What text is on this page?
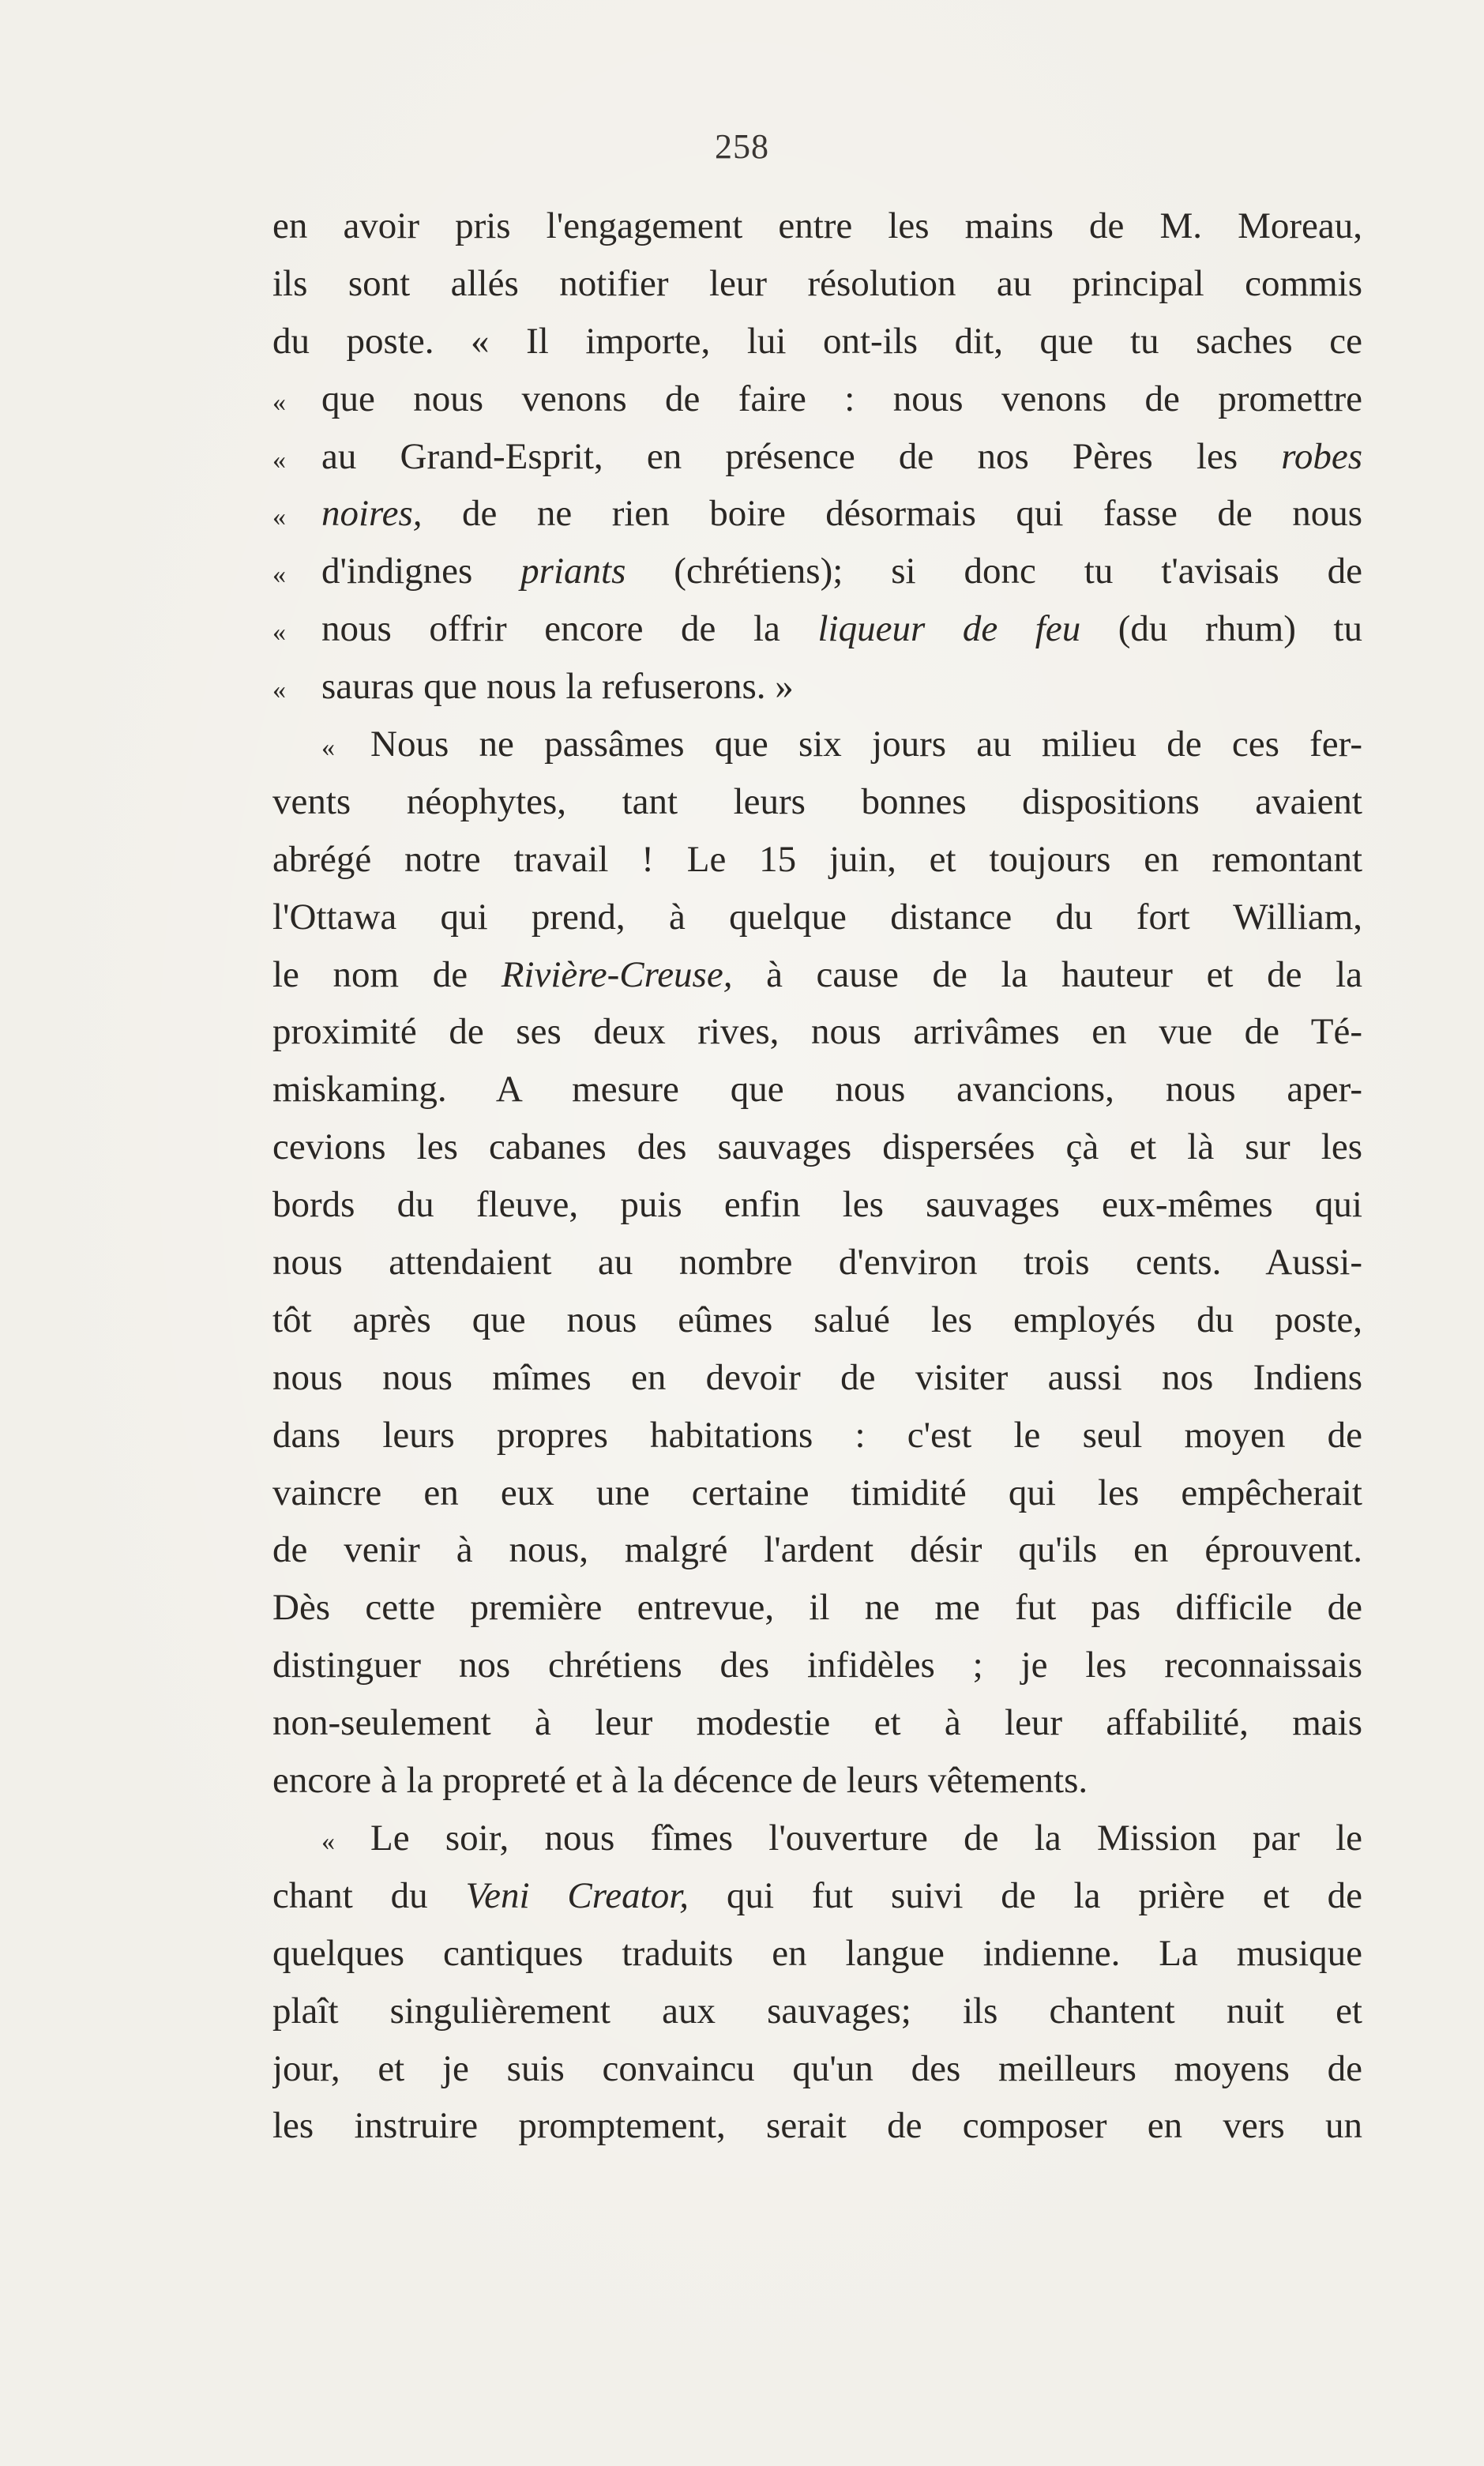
258
en avoir pris l'engagement entre les mains de M. Moreau,
ils sont allés notifier leur résolution au principal commis
du poste. « Il importe, lui ont-ils dit, que tu saches ce
« que nous venons de faire : nous venons de promettre
« au Grand-Esprit, en présence de nos Pères les robes
« noires, de ne rien boire désormais qui fasse de nous
« d'indignes priants (chrétiens); si donc tu t'avisais de
« nous offrir encore de la liqueur de feu (du rhum) tu
« sauras que nous la refuserons. »
« Nous ne passâmes que six jours au milieu de ces fer-
vents néophytes, tant leurs bonnes dispositions avaient
abrégé notre travail ! Le 15 juin, et toujours en remontant
l'Ottawa qui prend, à quelque distance du fort William,
le nom de Rivière-Creuse, à cause de la hauteur et de la
proximité de ses deux rives, nous arrivâmes en vue de Té-
miskaming. A mesure que nous avancions, nous aper-
cevions les cabanes des sauvages dispersées çà et là sur les
bords du fleuve, puis enfin les sauvages eux-mêmes qui
nous attendaient au nombre d'environ trois cents. Aussi-
tôt après que nous eûmes salué les employés du poste,
nous nous mîmes en devoir de visiter aussi nos Indiens
dans leurs propres habitations : c'est le seul moyen de
vaincre en eux une certaine timidité qui les empêcherait
de venir à nous, malgré l'ardent désir qu'ils en éprouvent.
Dès cette première entrevue, il ne me fut pas difficile de
distinguer nos chrétiens des infidèles ; je les reconnaissais
non-seulement à leur modestie et à leur affabilité, mais
encore à la propreté et à la décence de leurs vêtements.
« Le soir, nous fîmes l'ouverture de la Mission par le
chant du Veni Creator, qui fut suivi de la prière et de
quelques cantiques traduits en langue indienne. La musique
plaît singulièrement aux sauvages; ils chantent nuit et
jour, et je suis convaincu qu'un des meilleurs moyens de
les instruire promptement, serait de composer en vers un
